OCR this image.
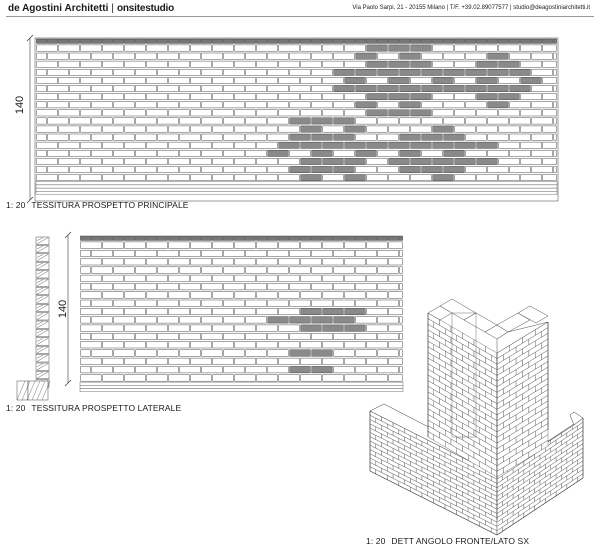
de Agostini Architetti | onsitestudio	Via Paolo Sarpi, 21 - 20155 Milano | T/F. +39.02.89077577 | studio@deagostiniarchitetti.it
140
1: 20 TESSITURA PROSPETTO PRINCIPALE
140
1: 20 TESSITURA PROSPETTO LATERALE
1: 20 DETT ANGOLO FRONTE/LATO SX
